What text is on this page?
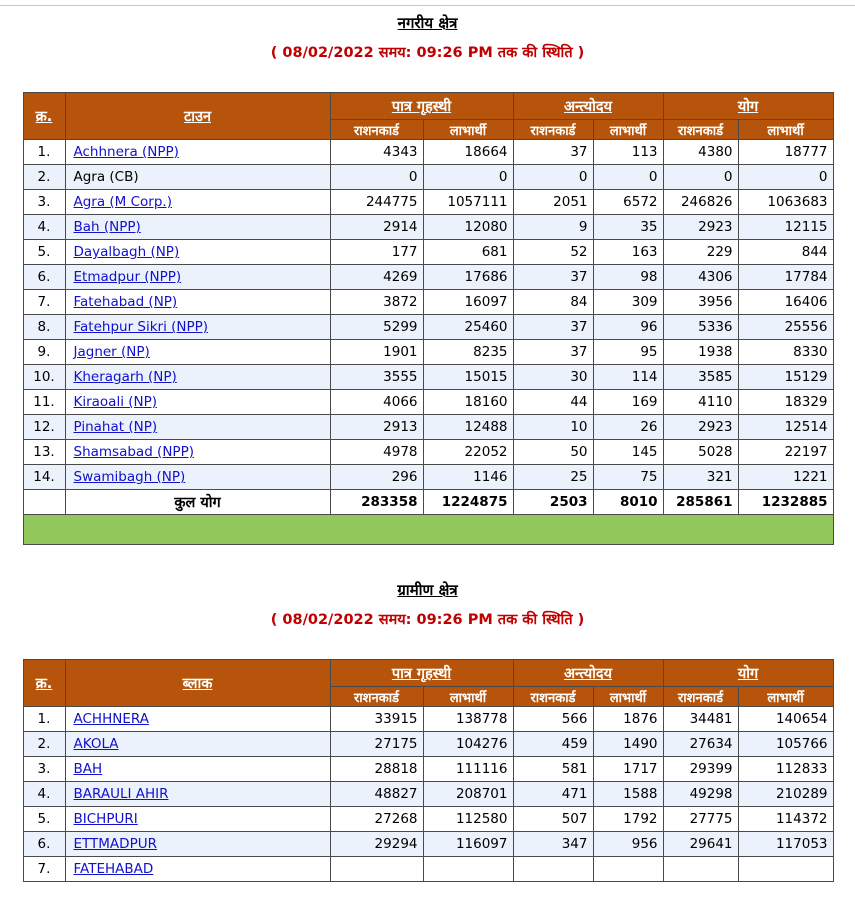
नगरीय क्षेत्र
( 08/02/2022 समय: 09:26 PM तक की स्थिति )
क्र.	टाउन	पात्र गृहस्थी		अन्त्योदय		योग	
		राशनकार्ड	लाभार्थी	राशनकार्ड	लाभार्थी	राशनकार्ड	लाभार्थी
1.	Achhnera (NPP)	4343	18664	37	113	4380	18777
2.	Agra (CB)	0	0	0	0	0	0
3.	Agra (M Corp.)	244775	1057111	2051	6572	246826	1063683
4.	Bah (NPP)	2914	12080	9	35	2923	12115
5.	Dayalbagh (NP)	177	681	52	163	229	844
6.	Etmadpur (NPP)	4269	17686	37	98	4306	17784
7.	Fatehabad (NP)	3872	16097	84	309	3956	16406
8.	Fatehpur Sikri (NPP)	5299	25460	37	96	5336	25556
9.	Jagner (NP)	1901	8235	37	95	1938	8330
10.	Kheragarh (NP)	3555	15015	30	114	3585	15129
11.	Kiraoali (NP)	4066	18160	44	169	4110	18329
12.	Pinahat (NP)	2913	12488	10	26	2923	12514
13.	Shamsabad (NPP)	4978	22052	50	145	5028	22197
14.	Swamibagh (NP)	296	1146	25	75	321	1221
	कुल योग	283358	1224875	2503	8010	285861	1232885

ग्रामीण क्षेत्र
( 08/02/2022 समय: 09:26 PM तक की स्थिति )
क्र.	ब्लाक	पात्र गृहस्थी		अन्त्योदय		योग	
		राशनकार्ड	लाभार्थी	राशनकार्ड	लाभार्थी	राशनकार्ड	लाभार्थी
1.	ACHHNERA	33915	138778	566	1876	34481	140654
2.	AKOLA	27175	104276	459	1490	27634	105766
3.	BAH	28818	111116	581	1717	29399	112833
4.	BARAULI AHIR	48827	208701	471	1588	49298	210289
5.	BICHPURI	27268	112580	507	1792	27775	114372
6.	ETTMADPUR	29294	116097	347	956	29641	117053
7.	FATEHABAD						
